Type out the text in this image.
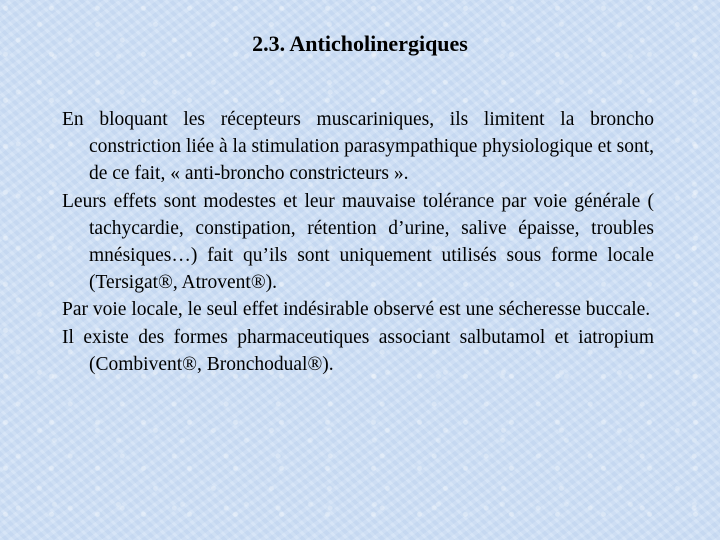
2.3. Anticholinergiques

En bloquant les récepteurs muscariniques, ils limitent la broncho constriction liée à la stimulation parasympathique physiologique et sont, de ce fait, « anti-broncho constricteurs ».

Leurs effets sont modestes et leur mauvaise tolérance par voie générale ( tachycardie, constipation, rétention d’urine, salive épaisse, troubles mnésiques…) fait qu’ils sont uniquement utilisés sous forme locale (Tersigat®, Atrovent®).

Par voie locale, le seul effet indésirable observé est une sécheresse buccale.

Il existe des formes pharmaceutiques associant salbutamol et iatropium (Combivent®, Bronchodual®).
